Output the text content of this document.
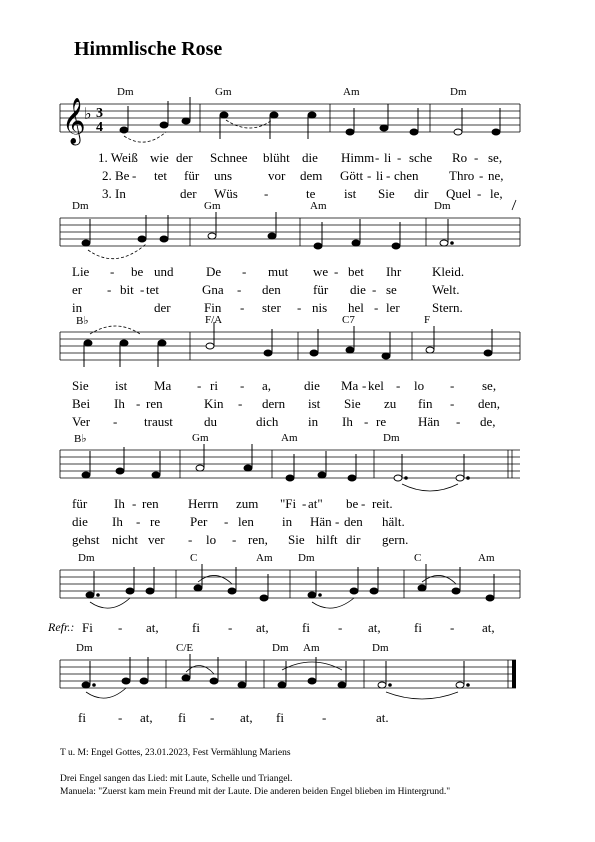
Himmlische Rose
𝄞
♭ 3
4
Dm	Gm	Am	Dm
1. Weiß wie der Schnee blüht die Himm - li - sche Ro - se,
2. Be - tet für uns	vor dem Gött - li - chen Thro - ne,
3. In	der Wüs -	te ist Sie dir Quel - le,
Dm	Gm	Am	Dm
Lie - be und	De - mut we - bet Ihr Kleid.
er - bit - tet	Gna - den für die - se	Welt.
in	der	Fin - ster - nis hel - ler Stern.
B♭	F/A	C7	F
Sie ist Ma - ri - a,	die Ma - kel - lo - se,
Bei Ih - ren	Kin - dern ist Sie zu fin - den,
Ver - traust du	dich in Ih - re Hän - de,
B♭	Gm	Am	Dm
für Ih - ren Herrn zum "Fi - at" be - reit.
die Ih - re Per - len in Hän - den hält.
gehst nicht ver - lo - ren, Sie hilft dir gern.
Dm	C	Am Dm	C	Am
Refr.: Fi - at,	fi - at,	fi - at,	fi - at,
Dm	C/E	Dm Am	Dm
fi - at, fi - at, fi	-	at.
T u. M: Engel Gottes, 23.01.2023, Fest Vermählung Mariens
Drei Engel sangen das Lied: mit Laute, Schelle und Triangel.
Manuela: "Zuerst kam mein Freund mit der Laute. Die anderen beiden Engel blieben im Hintergrund."
